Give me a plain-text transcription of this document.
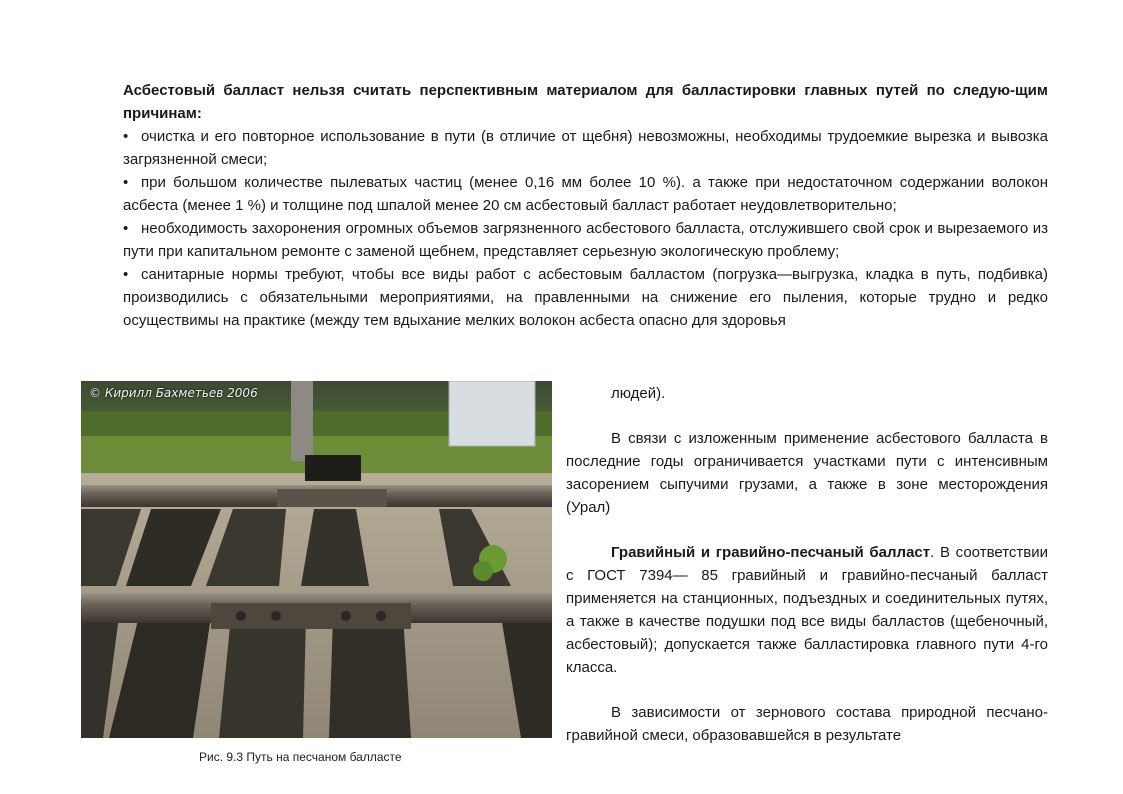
Асбестовый балласт нельзя считать перспективным материалом для балластировки главных путей по следую-щим причинам:
• очистка и его повторное использование в пути (в отличие от щебня) невозможны, необходимы трудоемкие вырезка и вывозка загрязненной смеси;
• при большом количестве пылеватых частиц (менее 0,16 мм более 10 %). а также при недостаточном содержании волокон асбеста (менее 1 %) и толщине под шпалой менее 20 см асбестовый балласт работает неудовлетворительно;
• необходимость захоронения огромных объемов загрязненного асбестового балласта, отслужившего свой срок и вырезаемого из пути при капитальном ремонте с заменой щебнем, представляет серьезную экологическую проблему;
• санитарные нормы требуют, чтобы все виды работ с асбестовым балластом (погрузка—выгрузка, кладка в путь, подбивка) производились с обязательными мероприятиями, на правленными на снижение его пыления, которые трудно и редко осуществимы на практике (между тем вдыхание мелких волокон асбеста опасно для здоровья
© Кирилл Бахметьев 2006
Рис. 9.3 Путь на песчаном балласте
людей).
В связи с изложенным применение асбестового балласта в последние годы ограничивается участками пути с интенсивным засорением сыпучими грузами, а также в зоне месторождения (Урал)
Гравийный и гравийно-песчаный балласт. В соответствии с ГОСТ 7394— 85 гравийный и гравийно-песчаный балласт применяется на станционных, подъездных и соединительных путях, а также в качестве подушки под все виды балластов (щебеночный, асбестовый); допускается также балластировка главного пути 4-го класса.
В зависимости от зернового состава природной песчано-гравийной смеси, образовавшейся в результате
